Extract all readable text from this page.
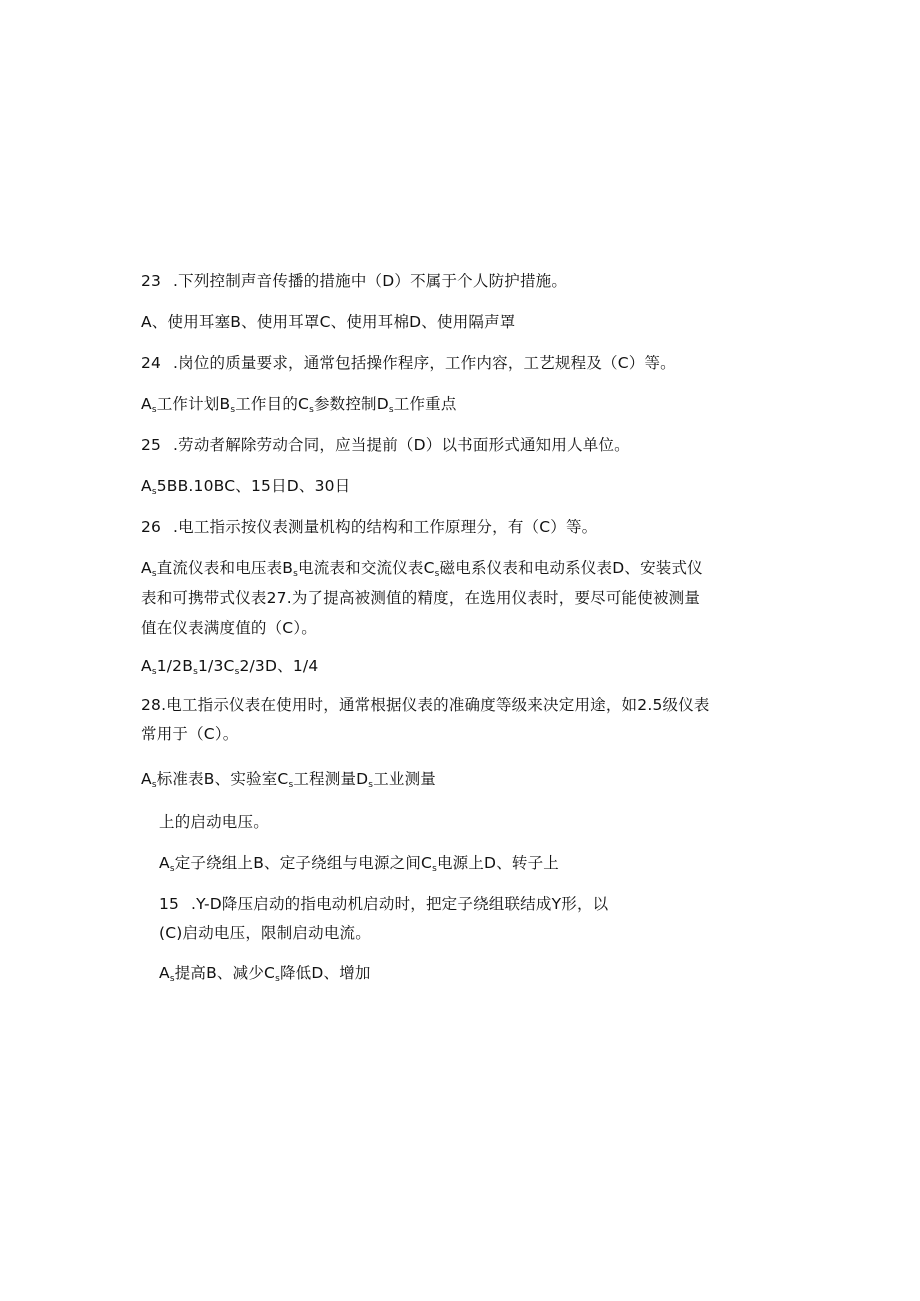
23 .下列控制声音传播的措施中（D）不属于个人防护措施。
A、使用耳塞B、使用耳罩C、使用耳棉D、使用隔声罩
24 .岗位的质量要求，通常包括操作程序，工作内容，工艺规程及（C）等。
$A_s$工作计划$B_s$工作目的$C_s$参数控制$D_s$工作重点
25 .劳动者解除劳动合同，应当提前（D）以书面形式通知用人单位。
$A_s5BB.10BC$、15日D、30日
26 .电工指示按仪表测量机构的结构和工作原理分，有（C）等。
$A_s$直流仪表和电压表$B_s$电流表和交流仪表$C_s$磁电系仪表和电动系仪表D、安装式仪
表和可携带式仪表27.为了提高被测值的精度，在选用仪表时，要尽可能使被测量
值在仪表满度值的（C）。
$A_s1/2B_s1/3C_s2/3D$、1/4
28.电工指示仪表在使用时，通常根据仪表的准确度等级来决定用途，如2.5级仪表
常用于（C）。
$A_s$标准表B、实验室$C_s$工程测量$D_s$工业测量
上的启动电压。
$A_s$定子绕组上B、定子绕组与电源之间$C_s$电源上D、转子上
15 .Y-D降压启动的指电动机启动时，把定子绕组联结成Y形，以
(C)启动电压，限制启动电流。
$A_s$提高B、减少$C_s$降低D、增加
